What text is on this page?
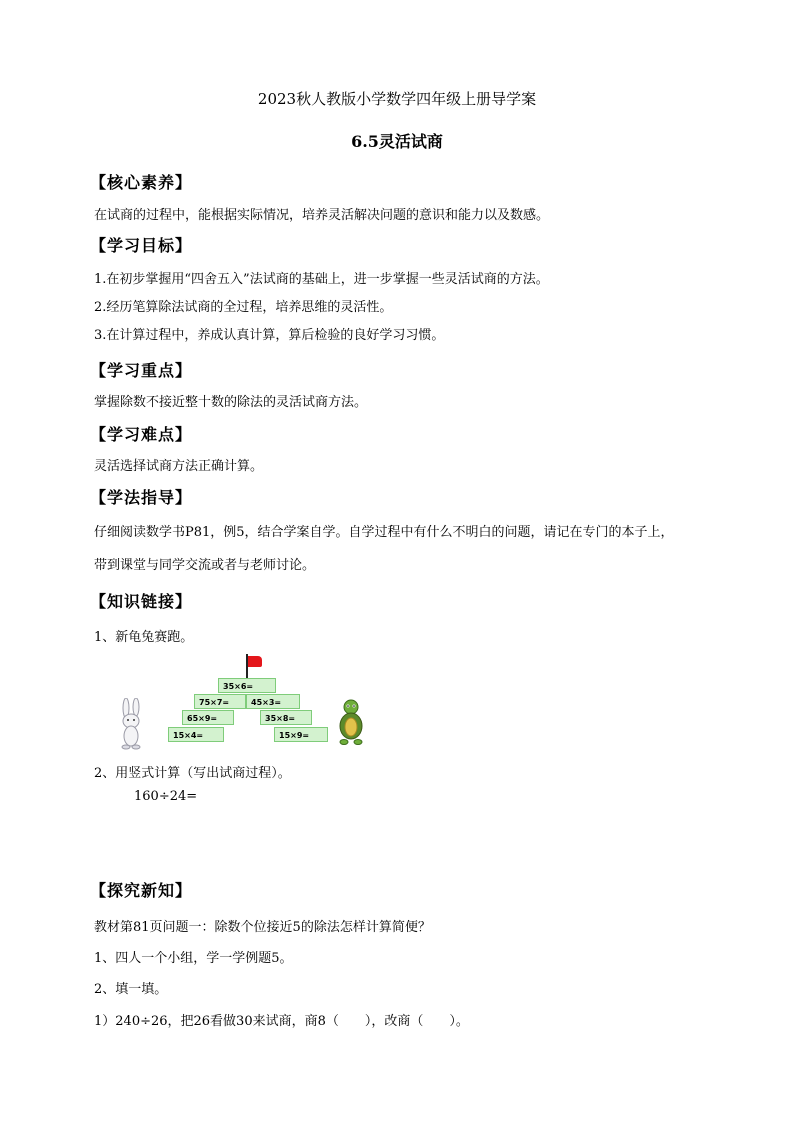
2023秋人教版小学数学四年级上册导学案
6.5灵活试商
【核心素养】
在试商的过程中，能根据实际情况，培养灵活解决问题的意识和能力以及数感。
【学习目标】
1.在初步掌握用“四舍五入”法试商的基础上，进一步掌握一些灵活试商的方法。
2.经历笔算除法试商的全过程，培养思维的灵活性。
3.在计算过程中，养成认真计算，算后检验的良好学习习惯。
【学习重点】
掌握除数不接近整十数的除法的灵活试商方法。
【学习难点】
灵活选择试商方法正确计算。
【学法指导】
仔细阅读数学书P81，例5，结合学案自学。自学过程中有什么不明白的问题，请记在专门的本子上，
带到课堂与同学交流或者与老师讨论。
【知识链接】
1、新龟兔赛跑。
35×6=
75×7=	45×3=
65×9=	35×8=
15×4=	15×9=
2、用竖式计算（写出试商过程）。
160÷24=
【探究新知】
教材第81页问题一：除数个位接近5的除法怎样计算简便？
1、四人一个小组，学一学例题5。
2、填一填。
1）240÷26，把26看做30来试商，商8（　　），改商（　　）。
